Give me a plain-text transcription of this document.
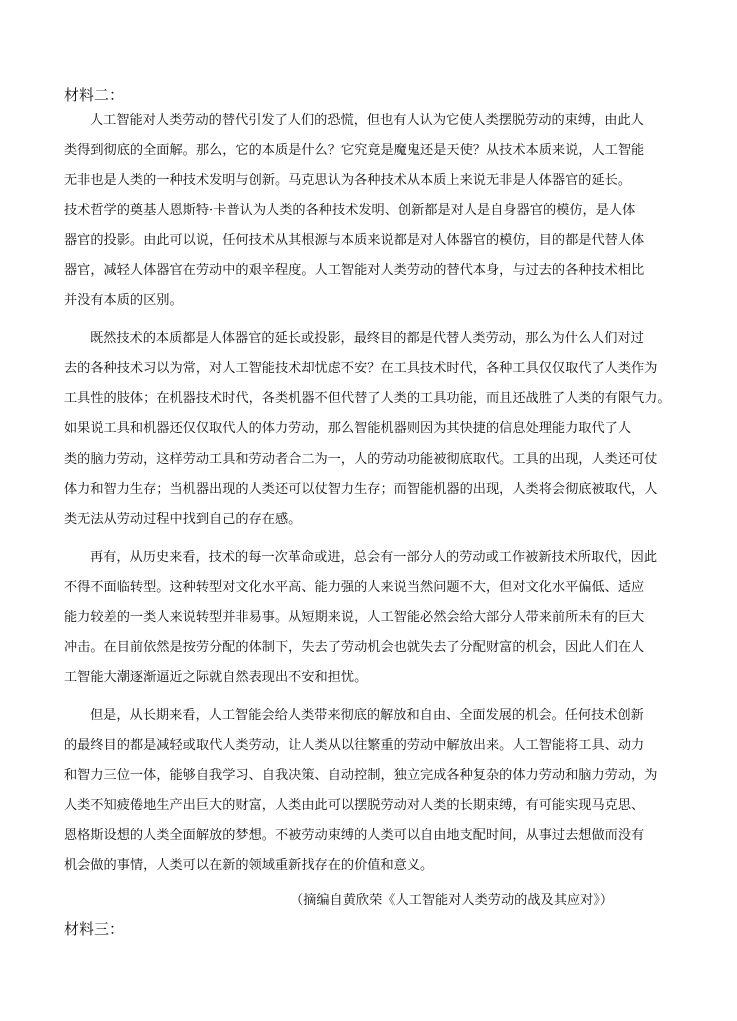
材料二：
人工智能对人类劳动的替代引发了人们的恐慌，但也有人认为它使人类摆脱劳动的束缚，由此人
类得到彻底的全面解。那么，它的本质是什么？它究竟是魔鬼还是天使？从技术本质来说，人工智能
无非也是人类的一种技术发明与创新。马克思认为各种技术从本质上来说无非是人体器官的延长。
技术哲学的奠基人恩斯特·卡普认为人类的各种技术发明、创新都是对人是自身器官的模仿，是人体
器官的投影。由此可以说，任何技术从其根源与本质来说都是对人体器官的模仿，目的都是代替人体
器官，减轻人体器官在劳动中的艰辛程度。人工智能对人类劳动的替代本身，与过去的各种技术相比
并没有本质的区别。
既然技术的本质都是人体器官的延长或投影，最终目的都是代替人类劳动，那么为什么人们对过
去的各种技术习以为常，对人工智能技术却忧虑不安？在工具技术时代，各种工具仅仅取代了人类作为
工具性的肢体；在机器技术时代，各类机器不但代替了人类的工具功能，而且还战胜了人类的有限气力。
如果说工具和机器还仅仅取代人的体力劳动，那么智能机器则因为其快捷的信息处理能力取代了人
类的脑力劳动，这样劳动工具和劳动者合二为一，人的劳动功能被彻底取代。工具的出现，人类还可仗
体力和智力生存；当机器出现的人类还可以仗智力生存；而智能机器的出现，人类将会彻底被取代，人
类无法从劳动过程中找到自己的存在感。
再有，从历史来看，技术的每一次革命或进，总会有一部分人的劳动或工作被新技术所取代，因此
不得不面临转型。这种转型对文化水平高、能力强的人来说当然问题不大，但对文化水平偏低、适应
能力较差的一类人来说转型并非易事。从短期来说，人工智能必然会给大部分人带来前所未有的巨大
冲击。在目前依然是按劳分配的体制下，失去了劳动机会也就失去了分配财富的机会，因此人们在人
工智能大潮逐渐逼近之际就自然表现出不安和担忧。
但是，从长期来看，人工智能会给人类带来彻底的解放和自由、全面发展的机会。任何技术创新
的最终目的都是减轻或取代人类劳动，让人类从以往繁重的劳动中解放出来。人工智能将工具、动力
和智力三位一体，能够自我学习、自我决策、自动控制，独立完成各种复杂的体力劳动和脑力劳动，为
人类不知疲倦地生产出巨大的财富，人类由此可以摆脱劳动对人类的长期束缚，有可能实现马克思、
恩格斯设想的人类全面解放的梦想。不被劳动束缚的人类可以自由地支配时间，从事过去想做而没有
机会做的事情，人类可以在新的领域重新找存在的价值和意义。
（摘编自黄欣荣《人工智能对人类劳动的战及其应对》）
材料三：
